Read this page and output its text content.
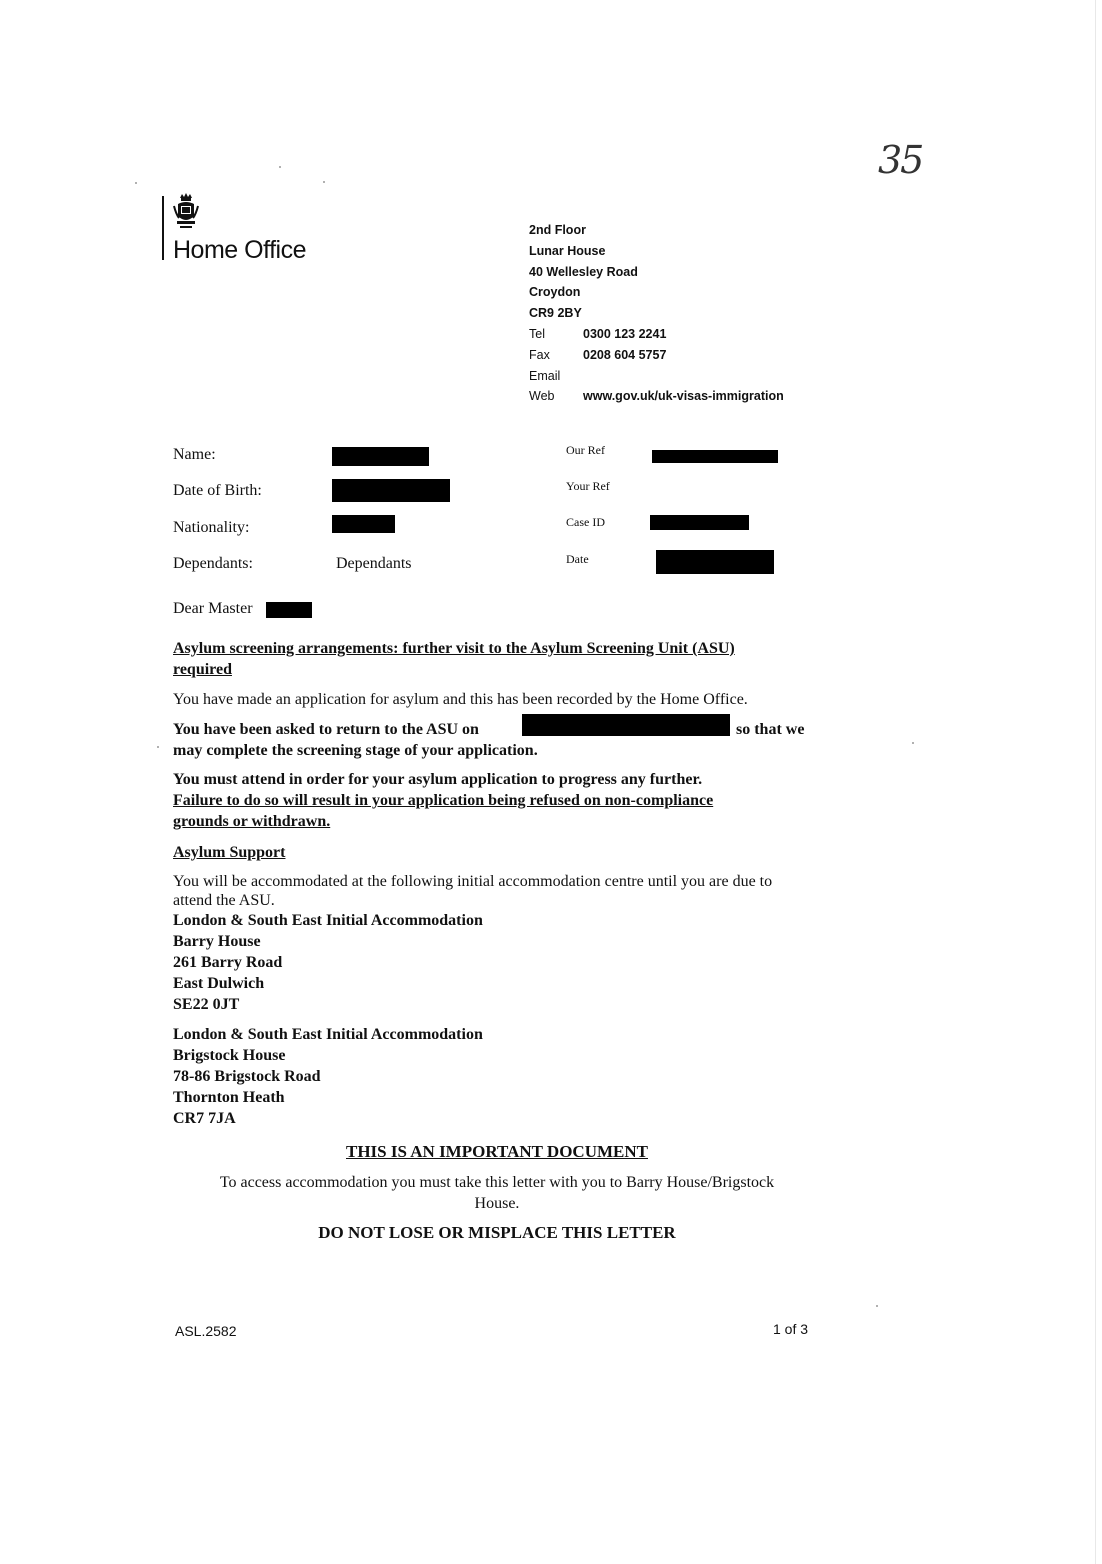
35
Home Office
2nd Floor
Lunar House
40 Wellesley Road
Croydon
CR9 2BY
Tel	0300 123 2241
Fax	0208 604 5757
Email
Web	www.gov.uk/uk-visas-immigration
Name:
Date of Birth:
Nationality:
Dependants:	Dependants
Our Ref
Your Ref
Case ID
Date
Dear Master
Asylum screening arrangements: further visit to the Asylum Screening Unit (ASU)
required
You have made an application for asylum and this has been recorded by the Home Office.
You have been asked to return to the ASU on	so that we
may complete the screening stage of your application.
You must attend in order for your asylum application to progress any further.
Failure to do so will result in your application being refused on non-compliance
grounds or withdrawn.
Asylum Support
You will be accommodated at the following initial accommodation centre until you are due to
attend the ASU.
London & South East Initial Accommodation
Barry House
261 Barry Road
East Dulwich
SE22 0JT
London & South East Initial Accommodation
Brigstock House
78-86 Brigstock Road
Thornton Heath
CR7 7JA
THIS IS AN IMPORTANT DOCUMENT
To access accommodation you must take this letter with you to Barry House/Brigstock
House.
DO NOT LOSE OR MISPLACE THIS LETTER
ASL.2582	1 of 3
